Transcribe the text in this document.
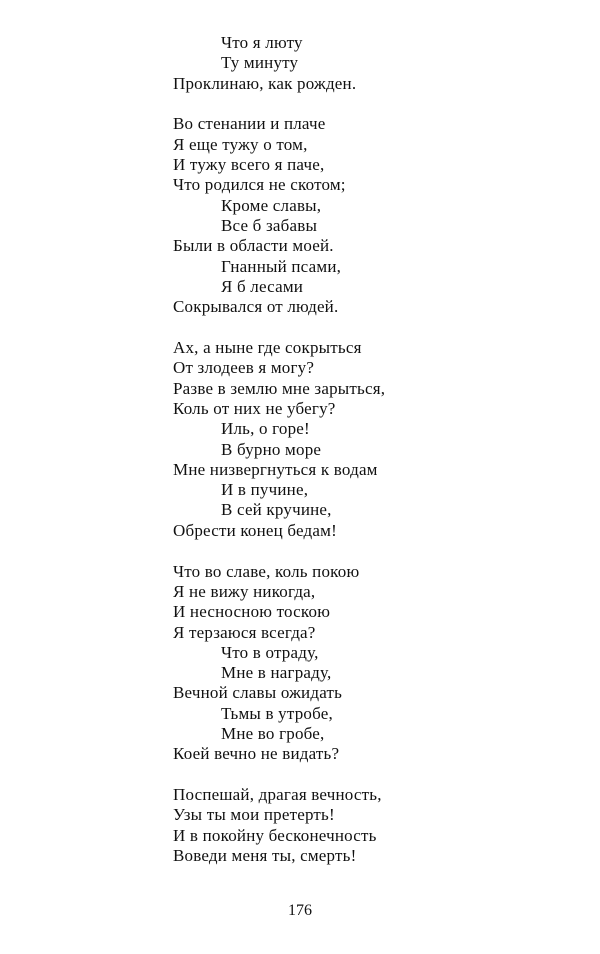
Что я люту
Ту минуту
Проклинаю, как рожден.
Во стенании и плаче
Я еще тужу о том,
И тужу всего я паче,
Что родился не скотом;
Кроме славы,
Все б забавы
Были в области моей.
Гнанный псами,
Я б лесами
Сокрывался от людей.
Ах, а ныне где сокрыться
От злодеев я могу?
Разве в землю мне зарыться,
Коль от них не убегу?
Иль, о горе!
В бурно море
Мне низвергнуться к водам
И в пучине,
В сей кручине,
Обрести конец бедам!
Что во славе, коль покою
Я не вижу никогда,
И несносною тоскою
Я терзаюся всегда?
Что в отраду,
Мне в награду,
Вечной славы ожидать
Тьмы в утробе,
Мне во гробе,
Коей вечно не видать?
Поспешай, драгая вечность,
Узы ты мои претерть!
И в покойну бесконечность
Воведи меня ты, смерть!
176
